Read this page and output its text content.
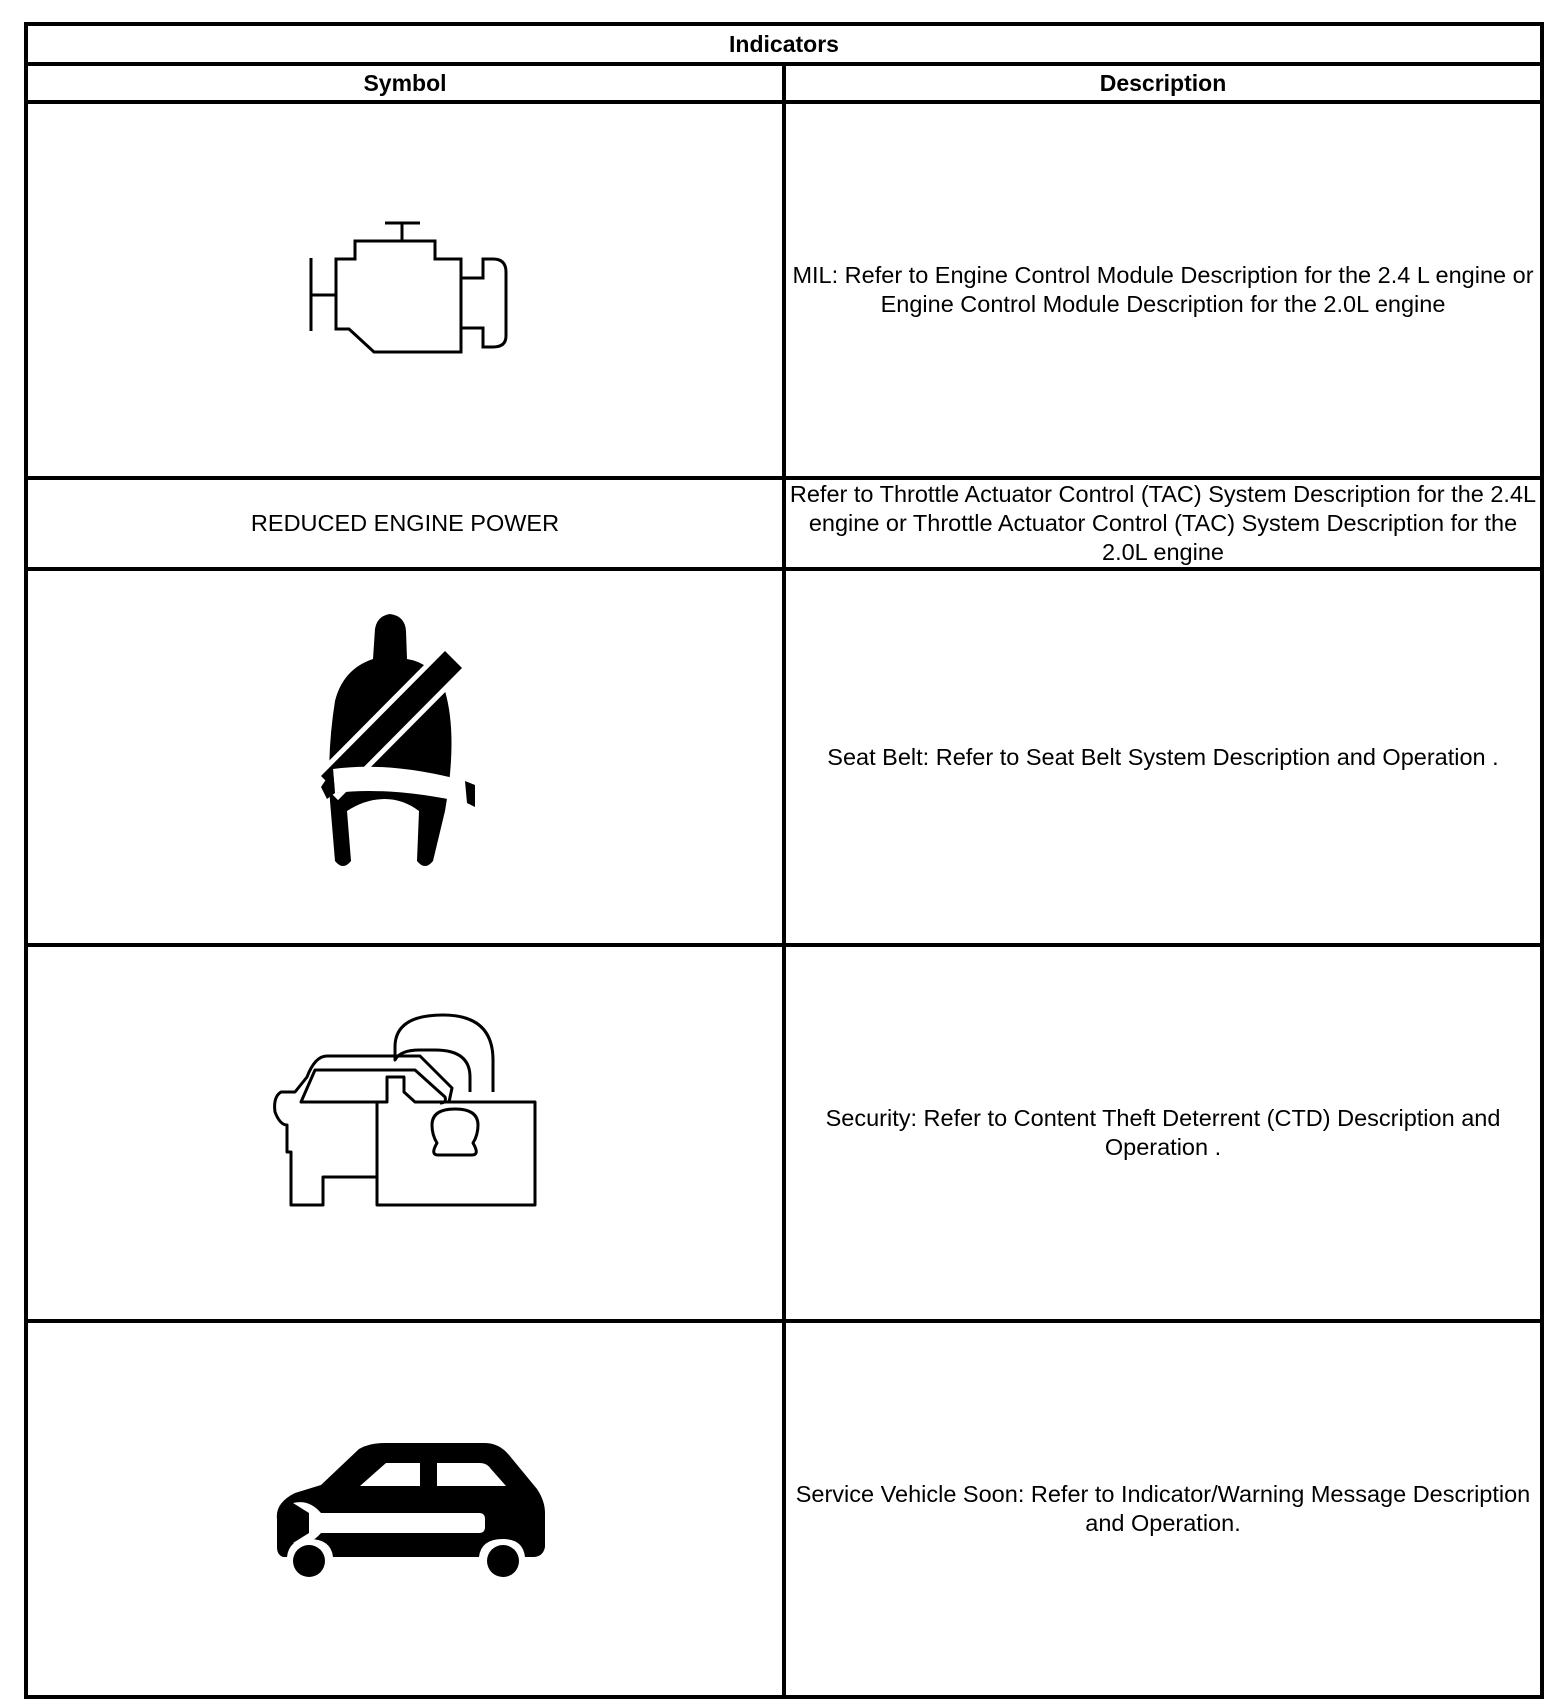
Indicators	
Symbol	Description

	MIL: Refer to Engine Control Module Description for the 2.4 L engine or Engine Control Module Description for the 2.0L engine
REDUCED ENGINE POWER	Refer to Throttle Actuator Control (TAC) System Description for the 2.4L engine or Throttle Actuator Control (TAC) System Description for the 2.0L engine

	Seat Belt: Refer to Seat Belt System Description and Operation .

	Security: Refer to Content Theft Deterrent (CTD) Description and Operation .

	Service Vehicle Soon: Refer to Indicator/Warning Message Description and Operation.
